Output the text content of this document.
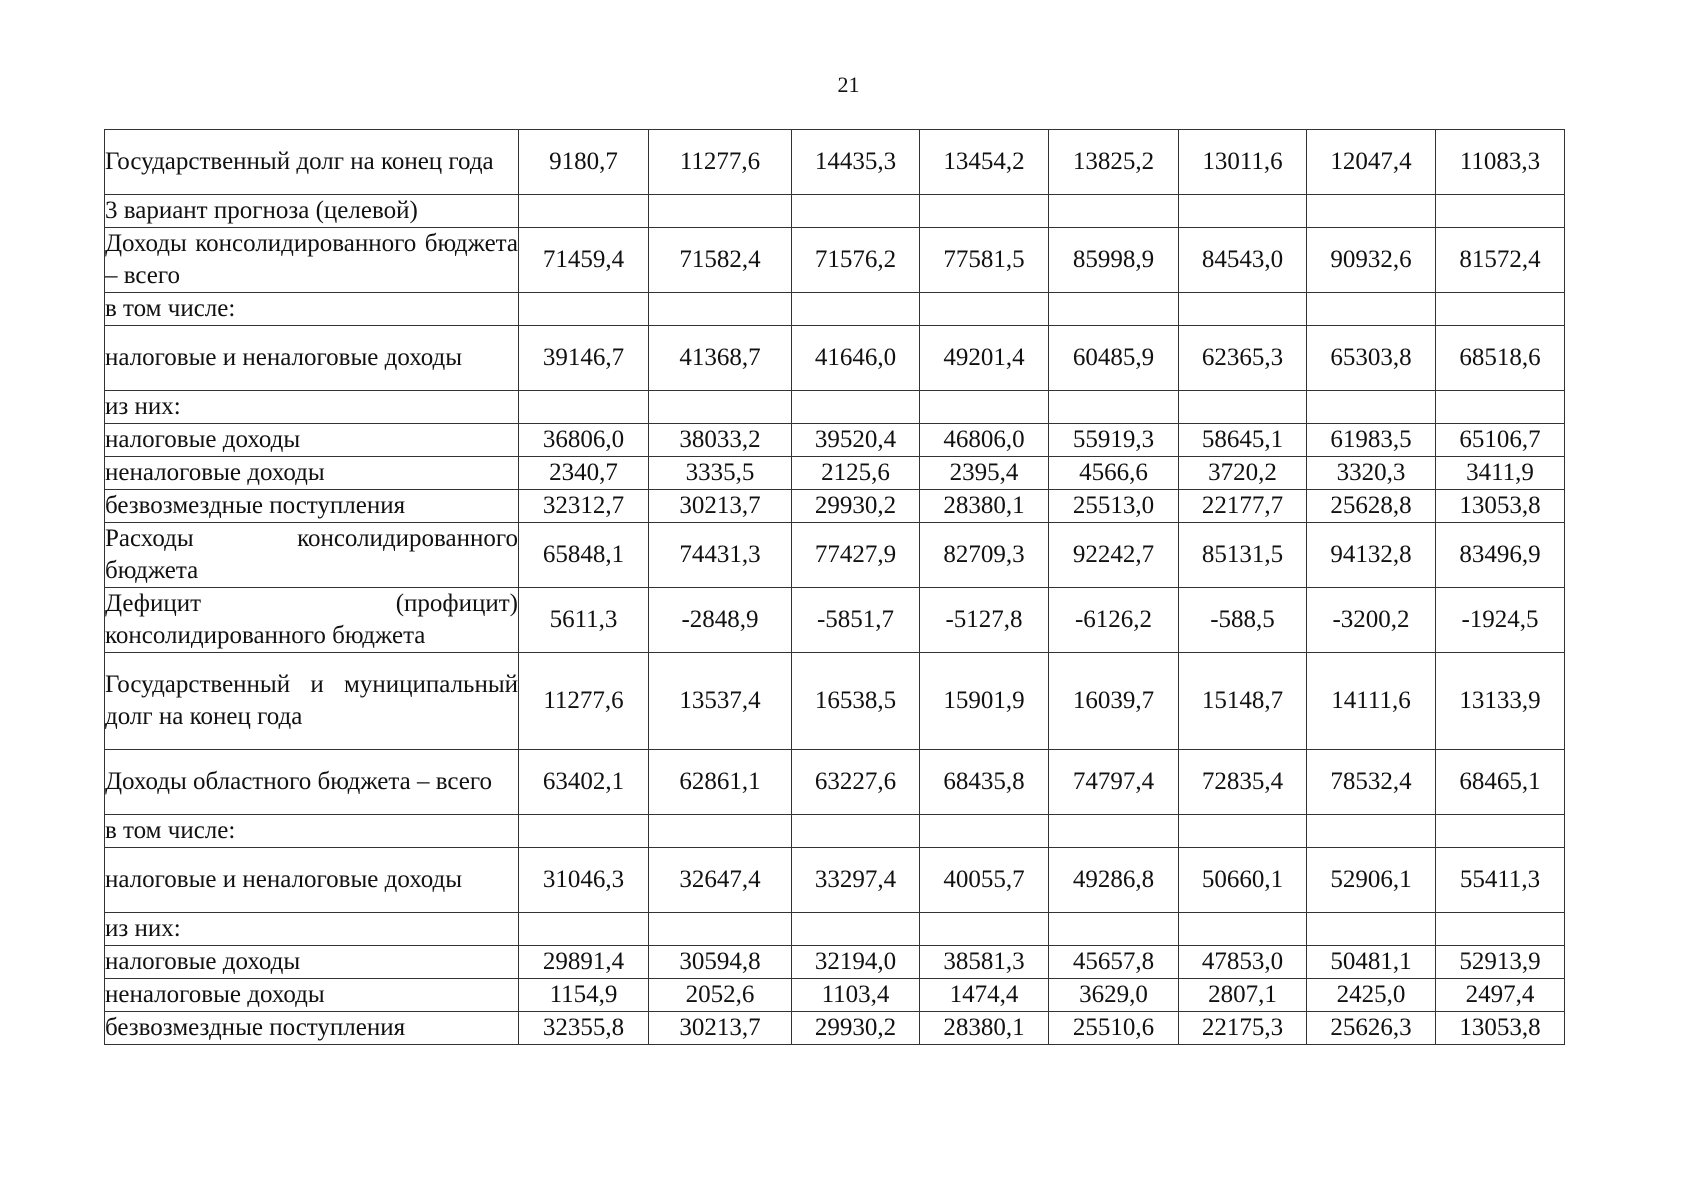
21
Государственный долг на конец года	9180,7	11277,6	14435,3	13454,2	13825,2	13011,6	12047,4	11083,3
3 вариант прогноза (целевой)								
Доходы консолидированного бюджета – всего	71459,4	71582,4	71576,2	77581,5	85998,9	84543,0	90932,6	81572,4
в том числе:								
налоговые и неналоговые доходы	39146,7	41368,7	41646,0	49201,4	60485,9	62365,3	65303,8	68518,6
из них:								
налоговые доходы	36806,0	38033,2	39520,4	46806,0	55919,3	58645,1	61983,5	65106,7
неналоговые доходы	2340,7	3335,5	2125,6	2395,4	4566,6	3720,2	3320,3	3411,9
безвозмездные поступления	32312,7	30213,7	29930,2	28380,1	25513,0	22177,7	25628,8	13053,8
Расходы консолидированного бюджета	65848,1	74431,3	77427,9	82709,3	92242,7	85131,5	94132,8	83496,9
Дефицит (профицит) консолидированного бюджета	5611,3	-2848,9	-5851,7	-5127,8	-6126,2	-588,5	-3200,2	-1924,5
Государственный и муниципальный долг на конец года	11277,6	13537,4	16538,5	15901,9	16039,7	15148,7	14111,6	13133,9
Доходы областного бюджета – всего	63402,1	62861,1	63227,6	68435,8	74797,4	72835,4	78532,4	68465,1
в том числе:								
налоговые и неналоговые доходы	31046,3	32647,4	33297,4	40055,7	49286,8	50660,1	52906,1	55411,3
из них:								
налоговые доходы	29891,4	30594,8	32194,0	38581,3	45657,8	47853,0	50481,1	52913,9
неналоговые доходы	1154,9	2052,6	1103,4	1474,4	3629,0	2807,1	2425,0	2497,4
безвозмездные поступления	32355,8	30213,7	29930,2	28380,1	25510,6	22175,3	25626,3	13053,8
